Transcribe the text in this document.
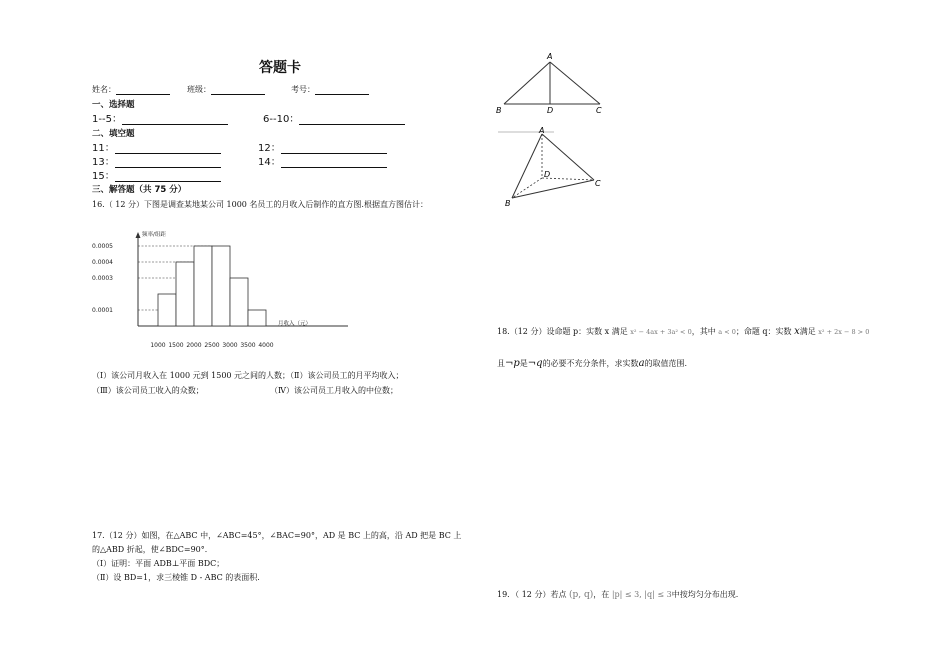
答题卡
姓名：	班级：	考号：
一、选择题
1--5：	6--10：
二、填空题
11：	12：
13：	14：
15：
三、解答题（共 75 分）
16.（ 12 分）下图是调查某地某公司 1000 名员工的月收入后制作的直方图.根据直方图估计：
频率/组距
月收入（元）
0.0005
0.0004
0.0003
0.0001
1000 1500 2000 2500 3000 3500 4000
（Ⅰ）该公司月收入在 1000 元到 1500 元之间的人数；（Ⅱ）该公司员工的月平均收入；
（Ⅲ）该公司员工收入的众数；	（Ⅳ）该公司员工月收入的中位数；
17.（12 分）如图，在△ABC 中，∠ABC=45°，∠BAC=90°，AD 是 BC 上的高，沿 AD 把是 BC 上
的△ABD 折起，使∠BDC=90°．
（Ⅰ）证明：平面 ADB⊥平面 BDC；
（Ⅱ）设 BD=1，求三棱锥 D - ABC 的表面积.
A
B	D	C
A
D
C
B
18.（12 分）设命题 p：实数 x 满足 x² − 4ax + 3a² < 0，其中 a < 0；命题 q：实数 x满足 x² + 2x − 8 > 0
且¬p是¬q的必要不充分条件，求实数a的取值范围.
19．（ 12 分）若点 (p, q)，在 |p| ≤ 3, |q| ≤ 3中按均匀分布出现.
